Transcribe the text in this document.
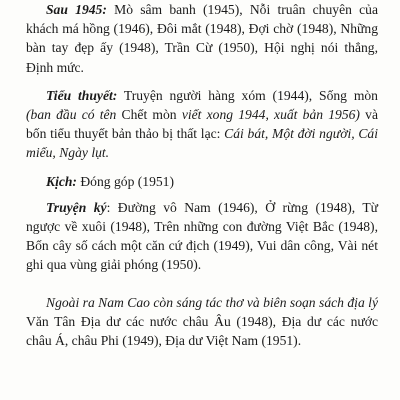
Sau 1945: Mò sâm banh (1945), Nỗi truân chuyên của khách má hồng (1946), Đôi mắt (1948), Đợi chờ (1948), Những bàn tay đẹp ấy (1948), Trần Cừ (1950), Hội nghị nói thẳng, Định mức.

Tiểu thuyết: Truyện người hàng xóm (1944), Sống mòn (ban đầu có tên Chết mòn viết xong 1944, xuất bản 1956) và bốn tiểu thuyết bản thảo bị thất lạc: Cái bát, Một đời người, Cái miếu, Ngày lụt.

Kịch: Đóng góp (1951)

Truyện ký: Đường vô Nam (1946), Ở rừng (1948), Từ ngược về xuôi (1948), Trên những con đường Việt Bắc (1948), Bốn cây số cách một căn cứ địch (1949), Vui dân công, Vài nét ghi qua vùng giải phóng (1950).

Ngoài ra Nam Cao còn sáng tác thơ và biên soạn sách địa lý Văn Tân Địa dư các nước châu Âu (1948), Địa dư các nước châu Á, châu Phi (1949), Địa dư Việt Nam (1951).
